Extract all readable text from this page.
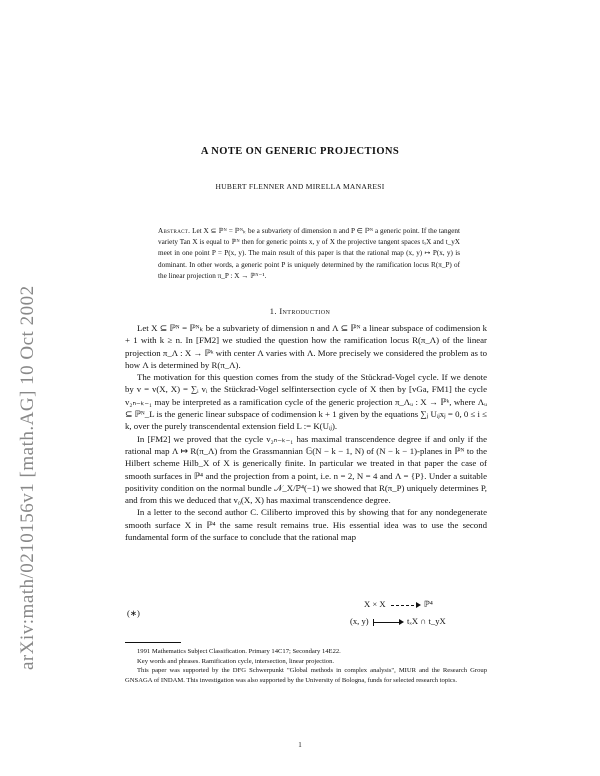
arXiv:math/0210156v1 [math.AG] 10 Oct 2002
A NOTE ON GENERIC PROJECTIONS
HUBERT FLENNER AND MIRELLA MANARESI
Abstract. Let X ⊆ ℙᴺ = ℙᴺₖ be a subvariety of dimension n and P ∈ ℙᴺ a generic point. If the tangent variety Tan X is equal to ℙᴺ then for generic points x, y of X the projective tangent spaces tₓX and t_yX meet in one point P = P(x, y). The main result of this paper is that the rational map (x, y) ↦ P(x, y) is dominant. In other words, a generic point P is uniquely determined by the ramification locus R(π_P) of the linear projection π_P : X → ℙᴺ⁻¹.
1. Introduction

Let X ⊆ ℙᴺ = ℙᴺₖ be a subvariety of dimension n and Λ ⊆ ℙᴺ a linear subspace of codimension k + 1 with k ≥ n. In [FM2] we studied the question how the ramification locus R(π_Λ) of the linear projection π_Λ : X → ℙᵏ with center Λ varies with Λ. More precisely we considered the problem as to how Λ is determined by R(π_Λ).

The motivation for this question comes from the study of the Stückrad-Vogel cycle. If we denote by v = v(X, X) = ∑ᵢ vᵢ the Stückrad-Vogel selfintersection cycle of X then by [vGa, FM1] the cycle v₂ₙ₋ₖ₋₁ may be interpreted as a ramification cycle of the generic projection π_Λᵤ : X → ℙᵏ, where Λᵤ ⊆ ℙᴺ_L is the generic linear subspace of codimension k + 1 given by the equations ∑ⱼ Uᵢⱼxⱼ = 0, 0 ≤ i ≤ k, over the purely transcendental extension field L := K(Uᵢⱼ).

In [FM2] we proved that the cycle v₂ₙ₋ₖ₋₁ has maximal transcendence degree if and only if the rational map Λ ↦ R(π_Λ) from the Grassmannian 𝔾(N − k − 1, N) of (N − k − 1)-planes in ℙᴺ to the Hilbert scheme Hilb_X of X is generically finite. In particular we treated in that paper the case of smooth surfaces in ℙ⁴ and the projection from a point, i.e. n = 2, N = 4 and Λ = {P}. Under a suitable positivity condition on the normal bundle 𝒩_X/ℙ⁴(−1) we showed that R(π_P) uniquely determines P, and from this we deduced that v₀(X, X) has maximal transcendence degree.

In a letter to the second author C. Ciliberto improved this by showing that for any nondegenerate smooth surface X in ℙ⁴ the same result remains true. His essential idea was to use the second fundamental form of the surface to conclude that the rational map

(∗)
X × X	ℙ⁴
(x, y)	tₓX ∩ t_yX

1991 Mathematics Subject Classification. Primary 14C17; Secondary 14E22.

Key words and phrases. Ramification cycle, intersection, linear projection.

This paper was supported by the DFG Schwerpunkt "Global methods in complex analysis", MIUR and the Research Group GNSAGA of INDAM. This investigation was also supported by the University of Bologna, funds for selected research topics.

1
